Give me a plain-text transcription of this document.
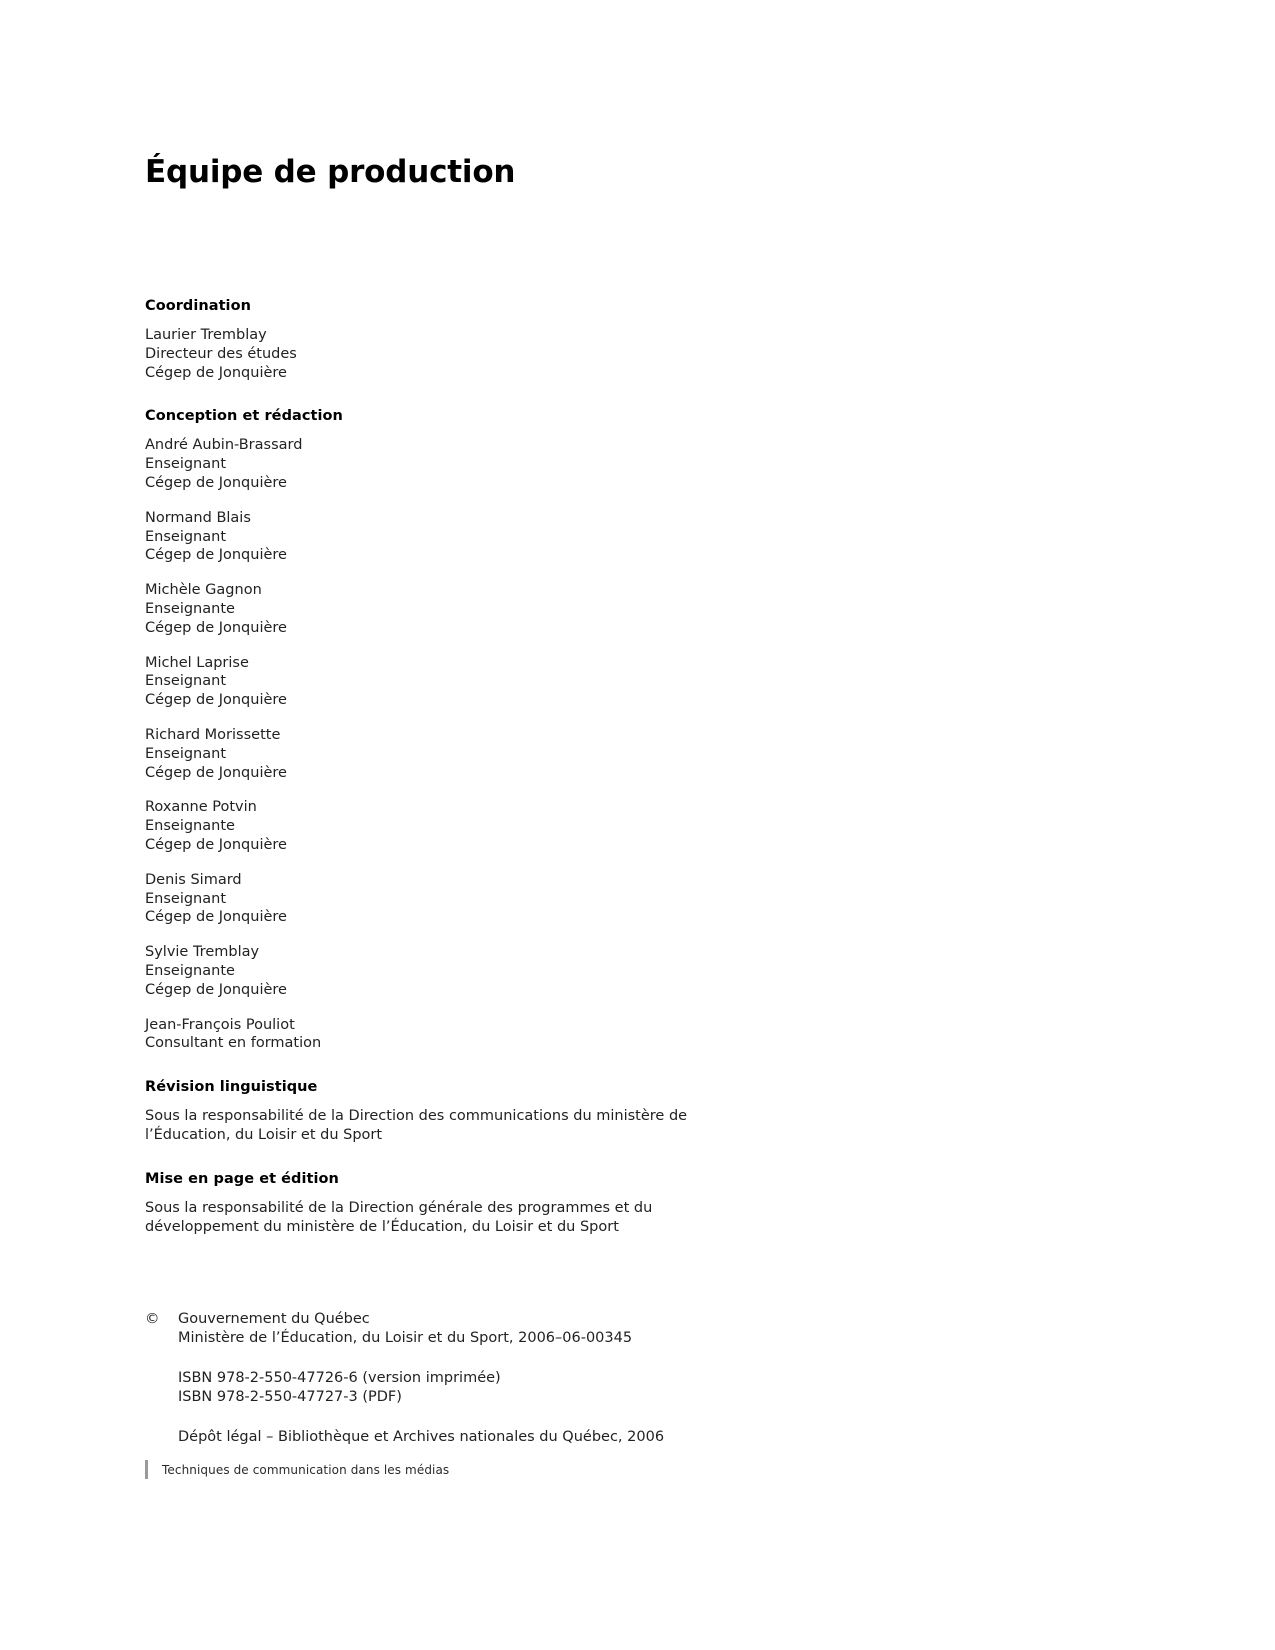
Équipe de production
Coordination
Laurier Tremblay
Directeur des études
Cégep de Jonquière
Conception et rédaction
André Aubin-Brassard
Enseignant
Cégep de Jonquière
Normand Blais
Enseignant
Cégep de Jonquière
Michèle Gagnon
Enseignante
Cégep de Jonquière
Michel Laprise
Enseignant
Cégep de Jonquière
Richard Morissette
Enseignant
Cégep de Jonquière
Roxanne Potvin
Enseignante
Cégep de Jonquière
Denis Simard
Enseignant
Cégep de Jonquière
Sylvie Tremblay
Enseignante
Cégep de Jonquière
Jean-François Pouliot
Consultant en formation
Révision linguistique
Sous la responsabilité de la Direction des communications du ministère de l’Éducation, du Loisir et du Sport
Mise en page et édition
Sous la responsabilité de la Direction générale des programmes et du développement du ministère de l’Éducation, du Loisir et du Sport
©	Gouvernement du Québec
Ministère de l’Éducation, du Loisir et du Sport, 2006–06-00345
ISBN 978-2-550-47726-6 (version imprimée)
ISBN 978-2-550-47727-3 (PDF)
Dépôt légal – Bibliothèque et Archives nationales du Québec, 2006
Techniques de communication dans les médias
